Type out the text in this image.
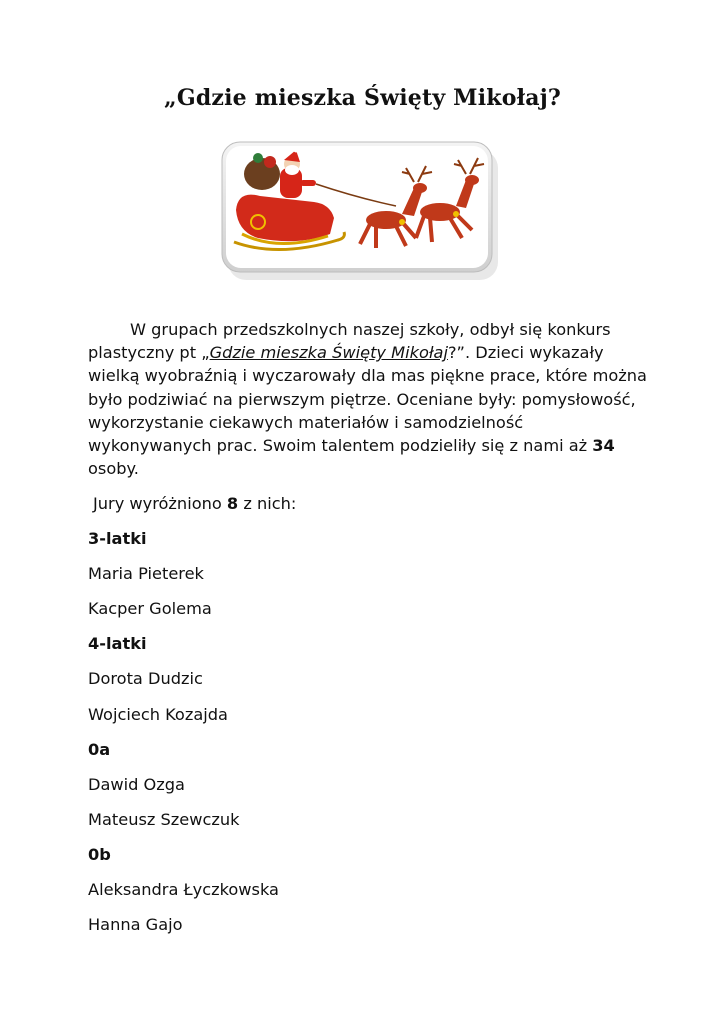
„Gdzie mieszka Święty Mikołaj?
W grupach przedszkolnych naszej szkoły, odbył się konkurs plastyczny pt „Gdzie mieszka Święty Mikołaj?”. Dzieci wykazały wielką wyobraźnią i wyczarowały dla mas piękne prace, które można było podziwiać na pierwszym piętrze. Oceniane były: pomysłowość, wykorzystanie ciekawych materiałów i samodzielność wykonywanych prac. Swoim talentem podzieliły się z nami aż 34 osoby.
Jury wyróżniono 8 z nich:
3-latki
Maria Pieterek
Kacper Golema
4-latki
Dorota Dudzic
Wojciech Kozajda
0a
Dawid Ozga
Mateusz Szewczuk
0b
Aleksandra Łyczkowska
Hanna Gajo
